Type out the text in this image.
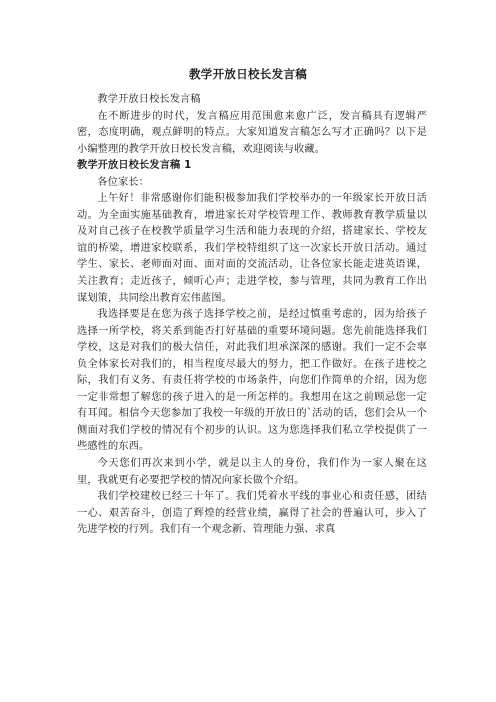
教学开放日校长发言稿

教学开放日校长发言稿

在不断进步的时代，发言稿应用范围愈来愈广泛，发言稿具有逻辑严密，态度明确，观点鲜明的特点。大家知道发言稿怎么写才正确吗？以下是小编整理的教学开放日校长发言稿，欢迎阅读与收藏。

教学开放日校长发言稿 1

各位家长：

上午好！非常感谢你们能积极参加我们学校举办的一年级家长开放日活动。为全面实施基础教育，增进家长对学校管理工作、教师教育教学质量以及对自己孩子在校教学质量学习生活和能力表现的介绍，搭建家长、学校友谊的桥梁，增进家校联系，我们学校特组织了这一次家长开放日活动。通过学生、家长、老师面对面、面对面的交流活动，让各位家长能走进英语课，关注教育；走近孩子，倾听心声；走进学校，参与管理，共同为教育工作出谋划策，共同绘出教育宏伟蓝图。

我选择要是在您为孩子选择学校之前，是经过慎重考虑的，因为给孩子选择一所学校，将关系到能否打好基础的重要环境问题。您先前能选择我们学校，这是对我们的极大信任，对此我们坦承深深的感谢。我们一定不会辜负全体家长对我们的，相当程度尽最大的努力，把工作做好。在孩子进校之际，我们有义务、有责任将学校的市场条件，向您们作简单的介绍，因为您一定非常想了解您的孩子进入的是一所怎样的。我想用在这之前顾忌您一定有耳闻。相信今天您参加了我校一年级的开放日的`活动的话，您们会从一个侧面对我们学校的情况有个初步的认识。这为您选择我们私立学校提供了一些感性的东西。

今天您们再次来到小学，就是以主人的身份，我们作为一家人聚在这里，我就更有必要把学校的情况向家长做个介绍。

我们学校建校已经三十年了。我们凭着水平线的事业心和责任感，团结一心、艰苦奋斗，创造了辉煌的经营业绩，赢得了社会的普遍认可，步入了先进学校的行列。我们有一个观念新、管理能力强、求真
